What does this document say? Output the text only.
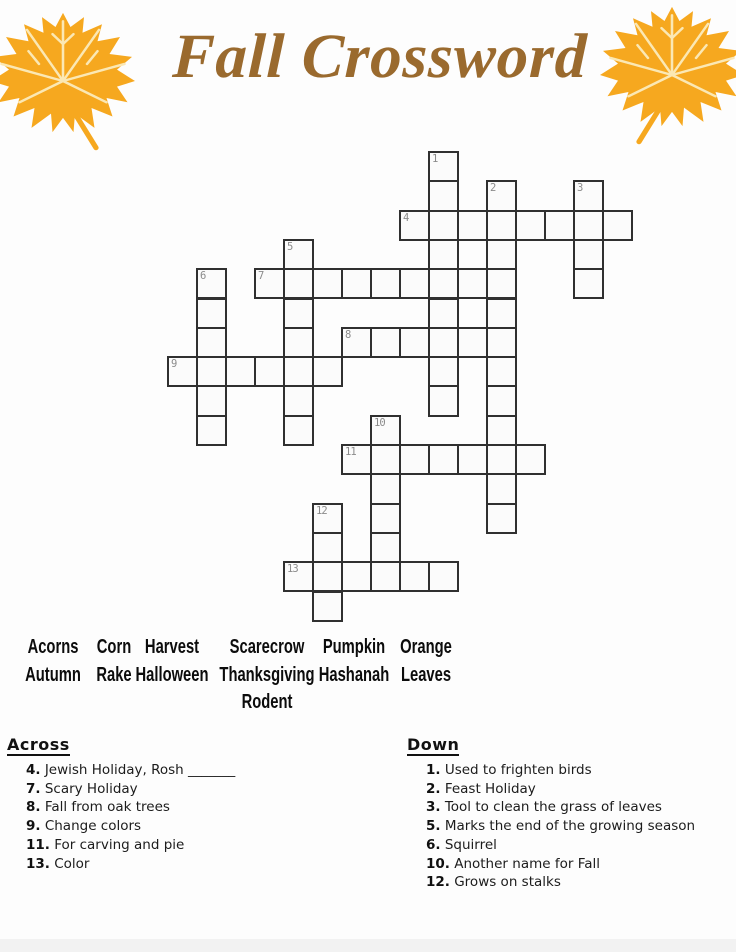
Fall Crossword
1
2	3
4
5
6	7
8
9
10
11
12
13
Acorns
Autumn
Corn
Rake
Harvest
Halloween
Scarecrow
Thanksgiving
Rodent
Pumpkin
Hashanah
Orange
Leaves
Across
4. Jewish Holiday, Rosh _______
7. Scary Holiday
8. Fall from oak trees
9. Change colors
11. For carving and pie
13. Color
Down
1. Used to frighten birds
2. Feast Holiday
3. Tool to clean the grass of leaves
5. Marks the end of the growing season
6. Squirrel
10. Another name for Fall
12. Grows on stalks
